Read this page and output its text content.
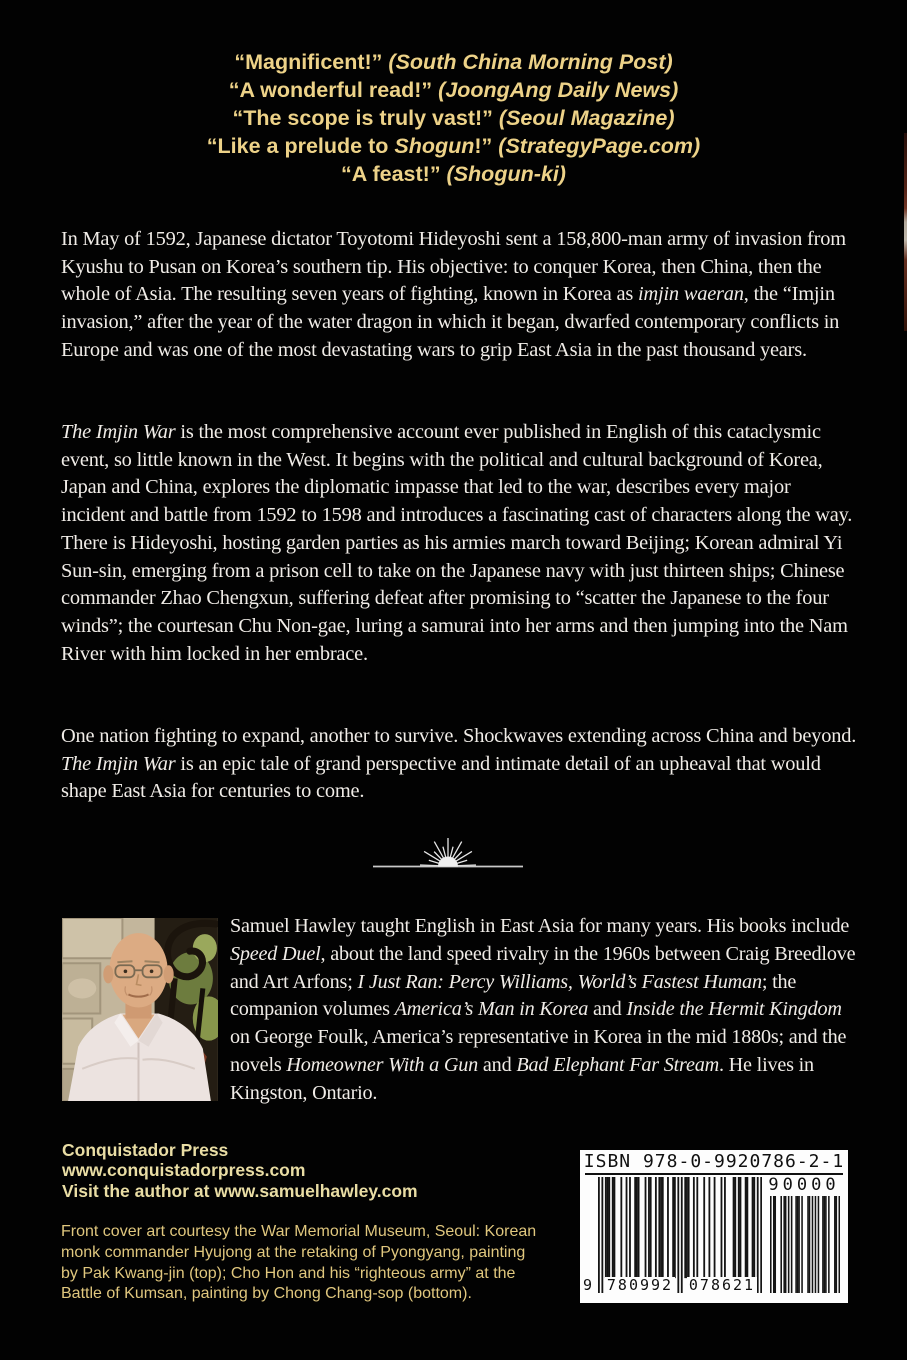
“Magnificent!” (South China Morning Post)
“A wonderful read!” (JoongAng Daily News)
“The scope is truly vast!” (Seoul Magazine)
“Like a prelude to Shogun!” (StrategyPage.com)
“A feast!” (Shogun-ki)

In May of 1592, Japanese dictator Toyotomi Hideyoshi sent a 158,800-man army of invasion from Kyushu to Pusan on Korea’s southern tip. His objective: to conquer Korea, then China, then the whole of Asia. The resulting seven years of fighting, known in Korea as imjin waeran, the “Imjin invasion,” after the year of the water dragon in which it began, dwarfed contemporary conflicts in Europe and was one of the most devastating wars to grip East Asia in the past thousand years.

The Imjin War is the most comprehensive account ever published in English of this cataclysmic event, so little known in the West. It begins with the political and cultural background of Korea, Japan and China, explores the diplomatic impasse that led to the war, describes every major incident and battle from 1592 to 1598 and introduces a fascinating cast of characters along the way. There is Hideyoshi, hosting garden parties as his armies march toward Beijing; Korean admiral Yi Sun-sin, emerging from a prison cell to take on the Japanese navy with just thirteen ships; Chinese commander Zhao Chengxun, suffering defeat after promising to “scatter the Japanese to the four winds”; the courtesan Chu Non-gae, luring a samurai into her arms and then jumping into the Nam River with him locked in her embrace.

One nation fighting to expand, another to survive. Shockwaves extending across China and beyond. The Imjin War is an epic tale of grand perspective and intimate detail of an upheaval that would shape East Asia for centuries to come.

Samuel Hawley taught English in East Asia for many years. His books include Speed Duel, about the land speed rivalry in the 1960s between Craig Breedlove and Art Arfons; I Just Ran: Percy Williams, World’s Fastest Human; the companion volumes America’s Man in Korea and Inside the Hermit Kingdom on George Foulk, America’s representative in Korea in the mid 1880s; and the novels Homeowner With a Gun and Bad Elephant Far Stream. He lives in Kingston, Ontario.

Conquistador Press
www.conquistadorpress.com
Visit the author at www.samuelhawley.com

Front cover art courtesy the War Memorial Museum, Seoul: Korean monk commander Hyujong at the retaking of Pyongyang, painting by Pak Kwang-jin (top); Cho Hon and his “righteous army” at the Battle of Kumsan, painting by Chong Chang-sop (bottom).

ISBN 978-0-9920786-2-1
9 780992 078621
90000
